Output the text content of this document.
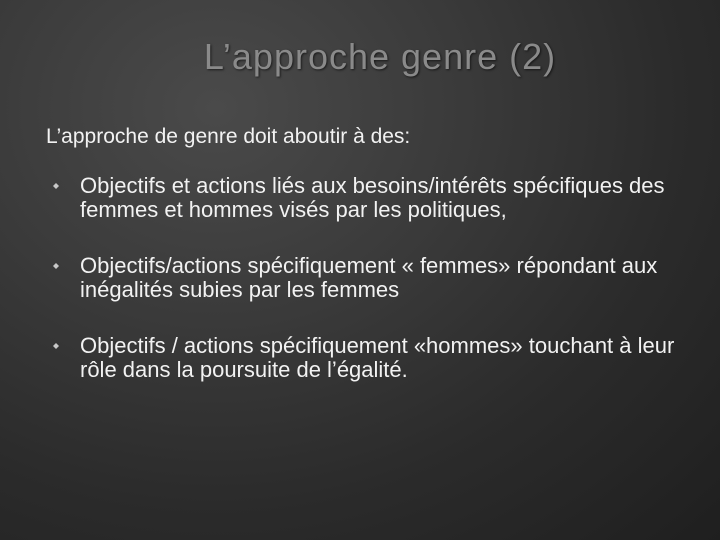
L’approche genre (2)

L’approche de genre doit aboutir à des:

Objectifs et actions liés aux besoins/intérêts spécifiques des femmes et hommes visés par les politiques,
Objectifs/actions spécifiquement « femmes» répondant aux inégalités subies par les femmes
Objectifs / actions spécifiquement «hommes» touchant à leur rôle dans la poursuite de l’égalité.
